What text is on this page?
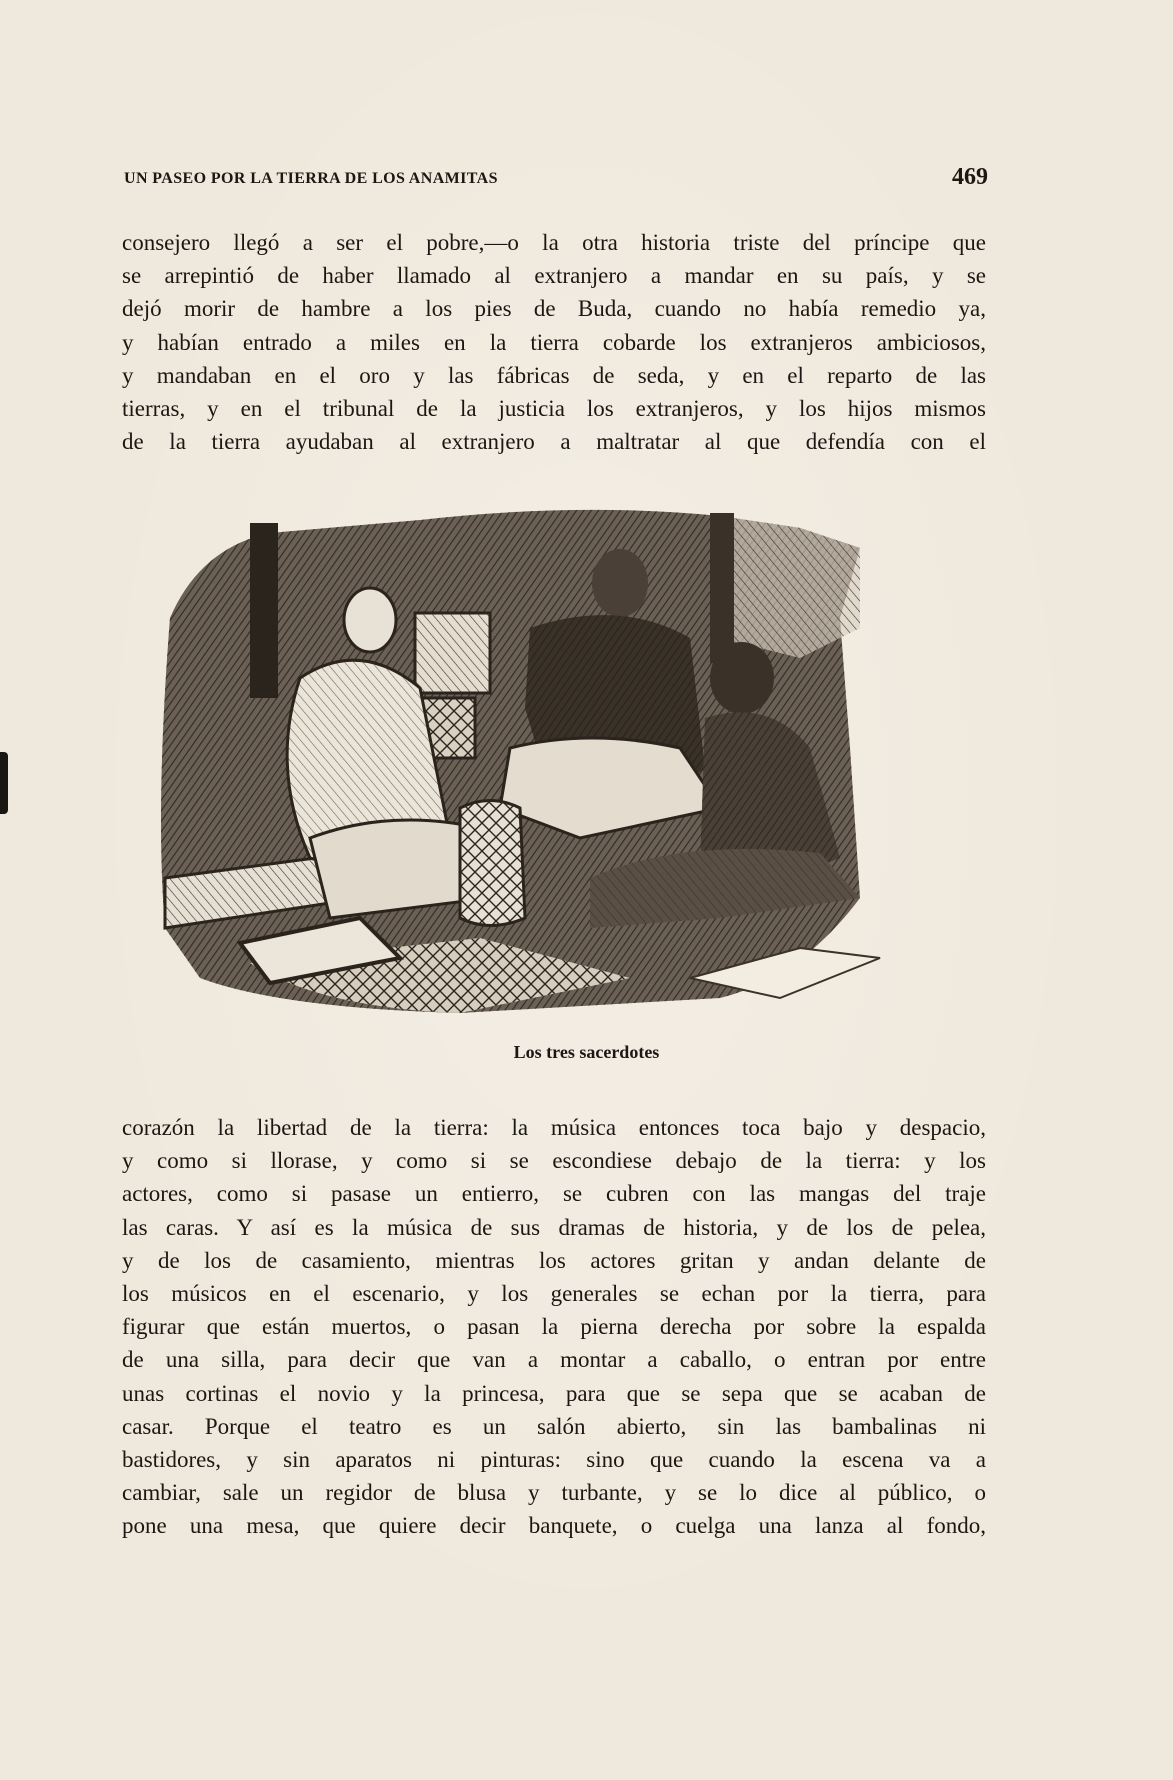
UN PASEO POR LA TIERRA DE LOS ANAMITAS	469
consejero llegó a ser el pobre,—o la otra historia triste del príncipe que
se arrepintió de haber llamado al extranjero a mandar en su país, y se
dejó morir de hambre a los pies de Buda, cuando no había remedio ya,
y habían entrado a miles en la tierra cobarde los extranjeros ambiciosos,
y mandaban en el oro y las fábricas de seda, y en el reparto de las
tierras, y en el tribunal de la justicia los extranjeros, y los hijos mismos
de la tierra ayudaban al extranjero a maltratar al que defendía con el
Los tres sacerdotes
corazón la libertad de la tierra: la música entonces toca bajo y despacio,
y como si llorase, y como si se escondiese debajo de la tierra: y los
actores, como si pasase un entierro, se cubren con las mangas del traje
las caras. Y así es la música de sus dramas de historia, y de los de pelea,
y de los de casamiento, mientras los actores gritan y andan delante de
los músicos en el escenario, y los generales se echan por la tierra, para
figurar que están muertos, o pasan la pierna derecha por sobre la espalda
de una silla, para decir que van a montar a caballo, o entran por entre
unas cortinas el novio y la princesa, para que se sepa que se acaban de
casar. Porque el teatro es un salón abierto, sin las bambalinas ni
bastidores, y sin aparatos ni pinturas: sino que cuando la escena va a
cambiar, sale un regidor de blusa y turbante, y se lo dice al público, o
pone una mesa, que quiere decir banquete, o cuelga una lanza al fondo,
